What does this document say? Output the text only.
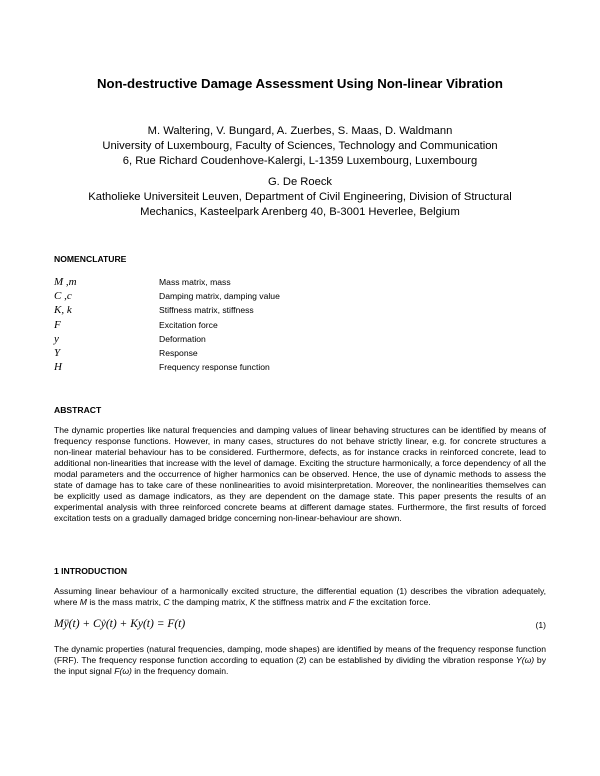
Non-destructive Damage Assessment Using Non-linear Vibration
M. Waltering, V. Bungard, A. Zuerbes, S. Maas, D. Waldmann
University of Luxembourg, Faculty of Sciences, Technology and Communication
6, Rue Richard Coudenhove-Kalergi, L-1359 Luxembourg, Luxembourg
G. De Roeck
Katholieke Universiteit Leuven, Department of Civil Engineering, Division of Structural
Mechanics, Kasteelpark Arenberg 40, B-3001 Heverlee, Belgium
NOMENCLATURE
M ,m	Mass matrix, mass
C ,c	Damping matrix, damping value
K, k	Stiffness matrix, stiffness
F	Excitation force
y	Deformation
Y	Response
H	Frequency response function
ABSTRACT
The dynamic properties like natural frequencies and damping values of linear behaving structures can be identified by means of frequency response functions. However, in many cases, structures do not behave strictly linear, e.g. for concrete structures a non-linear material behaviour has to be considered. Furthermore, defects, as for instance cracks in reinforced concrete, lead to additional non-linearities that increase with the level of damage. Exciting the structure harmonically, a force dependency of all the modal parameters and the occurrence of higher harmonics can be observed. Hence, the use of dynamic methods to assess the state of damage has to take care of these nonlinearities to avoid misinterpretation. Moreover, the nonlinearities themselves can be explicitly used as damage indicators, as they are dependent on the damage state. This paper presents the results of an experimental analysis with three reinforced concrete beams at different damage states. Furthermore, the first results of forced excitation tests on a gradually damaged bridge concerning non-linear-behaviour are shown.
1 INTRODUCTION
Assuming linear behaviour of a harmonically excited structure, the differential equation (1) describes the vibration adequately, where M is the mass matrix, C the damping matrix, K the stiffness matrix and F the excitation force.
Mÿ(t) + Cẏ(t) + Ky(t) = F(t)	(1)
The dynamic properties (natural frequencies, damping, mode shapes) are identified by means of the frequency response function (FRF). The frequency response function according to equation (2) can be established by dividing the vibration response Y(ω) by the input signal F(ω) in the frequency domain.
